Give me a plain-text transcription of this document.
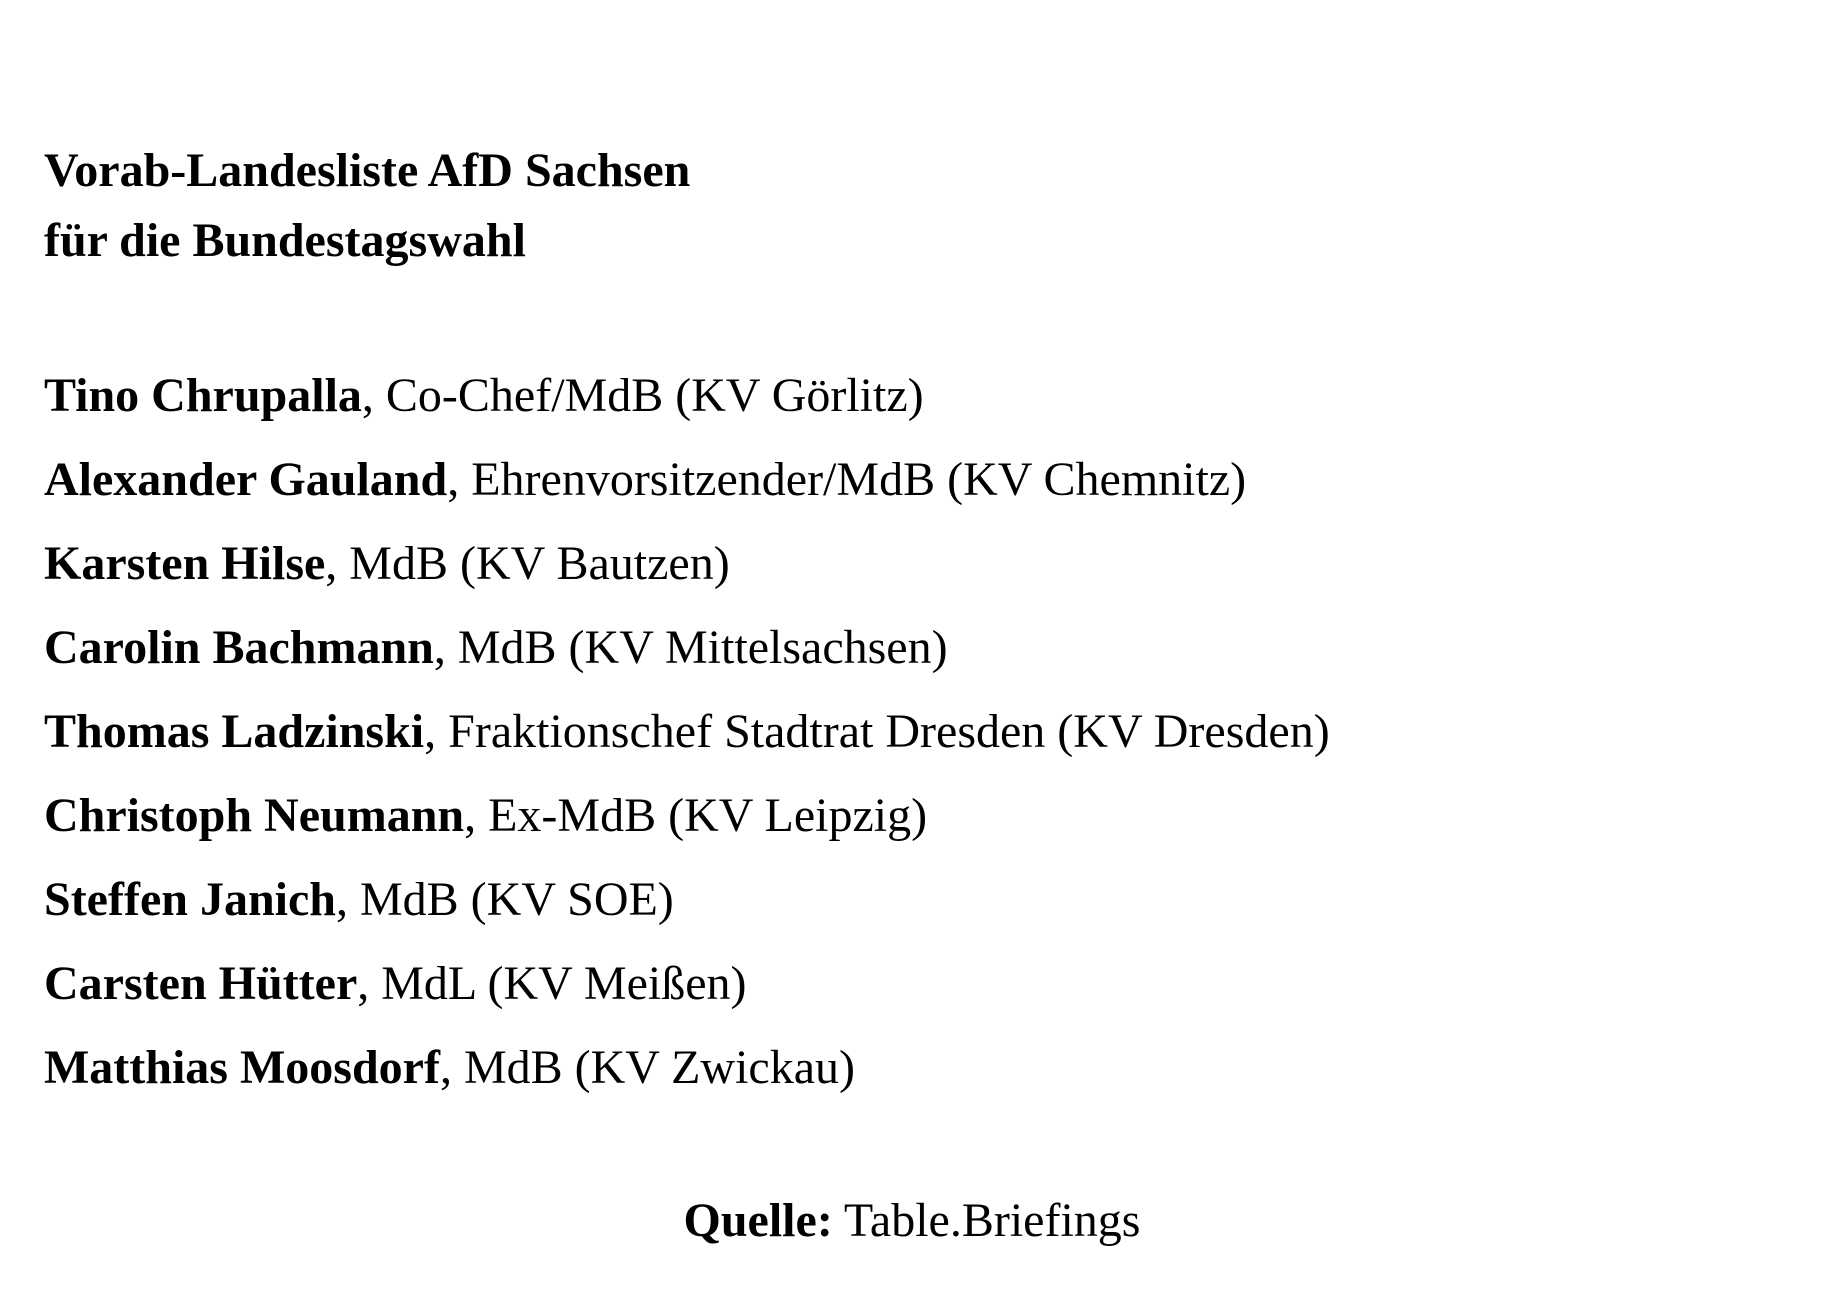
Vorab-Landesliste AfD Sachsen
für die Bundestagswahl
Tino Chrupalla, Co-Chef/MdB (KV Görlitz)
Alexander Gauland, Ehrenvorsitzender/MdB (KV Chemnitz)
Karsten Hilse, MdB (KV Bautzen)
Carolin Bachmann, MdB (KV Mittelsachsen)
Thomas Ladzinski, Fraktionschef Stadtrat Dresden (KV Dresden)
Christoph Neumann, Ex-MdB (KV Leipzig)
Steffen Janich, MdB (KV SOE)
Carsten Hütter, MdL (KV Meißen)
Matthias Moosdorf, MdB (KV Zwickau)
Quelle: Table.Briefings
